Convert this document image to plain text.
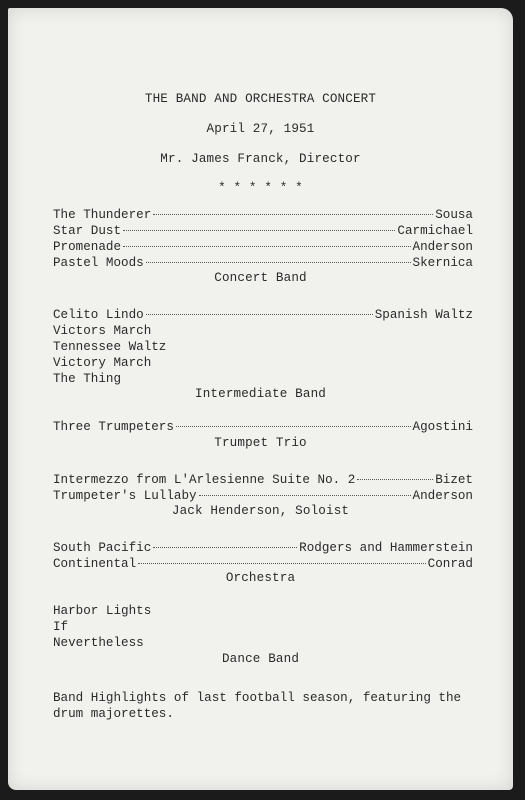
THE BAND AND ORCHESTRA CONCERT
April 27, 1951
Mr. James Franck, Director
* * * * * *
The Thunderer	Sousa
Star Dust	Carmichael
Promenade	Anderson
Pastel Moods	Skernica
Concert Band
Celito Lindo	Spanish Waltz
Victors March
Tennessee Waltz
Victory March
The Thing
Intermediate Band
Three Trumpeters	Agostini
Trumpet Trio
Intermezzo from L'Arlesienne Suite No. 2	Bizet
Trumpeter's Lullaby	Anderson
Jack Henderson, Soloist
South Pacific	Rodgers and Hammerstein
Continental	Conrad
Orchestra
Harbor Lights
If
Nevertheless
Dance Band
Band Highlights of last football season, featuring the drum majorettes.
